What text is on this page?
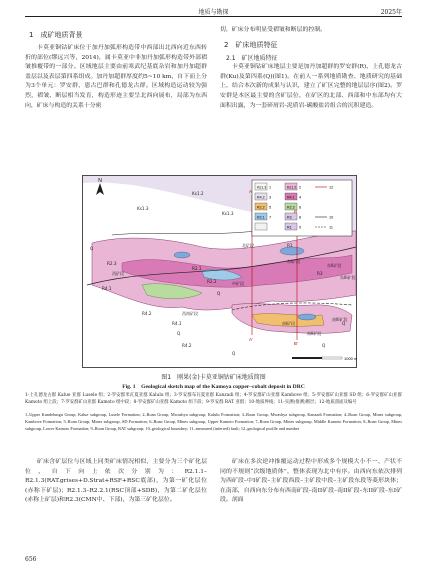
地质与勘探	2025年
1　成矿地质背景

卡莫亚铜钴矿床位于加丹加弧形构造带中西部出北西向近东西转折的部位(缪远兴等，2014)，属卡莫亚中非加丹加弧形构造带外部褶皱推覆带的一部分。区域地层主要由前寒武纪基底杂岩和加丹加超群盖层以及表层第四系组成。加丹加超群厚度约5~10 km，自下而上分为3个单元：罗安群、恩古巴群和孔德龙古群。区域构造运动较为强烈，褶皱、断层相当发育，构造形迹主要呈北西向展布，局部为东西向，矿床与构造的关系十分密

切，矿床分布明显受褶皱和断层的控制。

2　矿床地质特征
2.1　矿区地质特征

卡莫亚铜钴矿床地层主要是加丹加超群的罗安群(R)、上孔德龙古群(Ku)及第四系(Q)(图1)。在前人一系列地质勘查、地质研究的基础上，结合本次新的成果与认识，建立了矿区完整的地层层序(图2)。罗安群是本区最主要的含矿层位，在矿区的北部、西部和中东部均有大面积出露，为一套碎屑岩-泥质岩-碳酸盐岩组合的沉积建造。

Ks1.3	Ks1.2
R4.2	R4.1
R2.3
R2.2
R3
R2.1
R1
1	2
3	4
5	6
7	8
9
10
11
12
N
1000 m
Ks1.3
Ks1.3
Ks1.2
R2.3
R4.1
R4.2
R2.1
R2.2
R3
R1
R4.1
R4.2
Q
Q
Q
Q
Q
Q
北矿段
西矿段
中矿段
东I矿段
东II矿段
东III矿段
南I矿段
南II矿段
南III矿段
西南矿段
A
A'
B
B'
图1　刚果(金)卡莫亚铜钴矿床地质简图
Fig. 1　Geological sketch map of the Kamoya copper–cobalt deposit in DRC
1-上孔德龙古群 Kalue 亚群 Lusele 组；2-罗安群米瓦夏亚群 Kalulu 组；3-罗安群布瓦夏亚群 Kanzadi 组；4-罗安群矿山亚群 Kambove 组；5-罗安群矿山亚群 SD 组；6-罗安群矿山亚群 Kamoto 组上段；7-罗安群矿山亚群 Kamoto 组中段；8-罗安群矿山亚群 Kamoto 组下段；9-罗安群 RAT 亚群；10-地质界线；11-实测(推测)断层；12-地质剖面及编号
1–Upper Kundelungu Group, Kalue subgroup, Lusele Formation; 2–Roan Group, Mwashya subgroup, Kalulu Formation; 3–Roan Group, Mwashya subgroup, Kanzadi Formation; 4–Roan Group, Mines subgroup, Kambove Formation; 5–Roan Group, Mines subgroup, SD Formation; 6–Roan Group, Mines subgroup, Upper Kamoto Formation; 7–Roan Group, Mines subgroup, Middle Kamoto Formation; 8–Roan Group, Mines subgroup, Lower Kamoto Formation; 9–Roan Group, RAT subgroup; 10–geological boundary; 11–measured (inferred) fault; 12–geological profile and number

矿床含矿层位与区域上同类矿床情况相似，主要分为三个矿化层位，自下向上依次分别为：R2.1.1–R2.1.3(RAT.grises+D.Strat+RSF+RSC底部)，为第一矿化层位(赤称下矿层)；R2.1.3–R2.2.1(RSC顶部+SDB)，为第二矿化层位(赤称上矿层)和R2.3(CMN中、下部)，为第三矿化层位。

矿床在多次逆冲推覆运动过程中形成多个规模大小不一、产状不同的不规则“次级地质体”，整体表现为北中有序。由西向东依次排列为西矿段–中I矿段–主矿段西段–主矿段中段–主矿段东段等菱形块体；在南部，自西向东分布有西南矿段–南II矿段–南II矿段–东II矿段–东I矿段。剖面

656
